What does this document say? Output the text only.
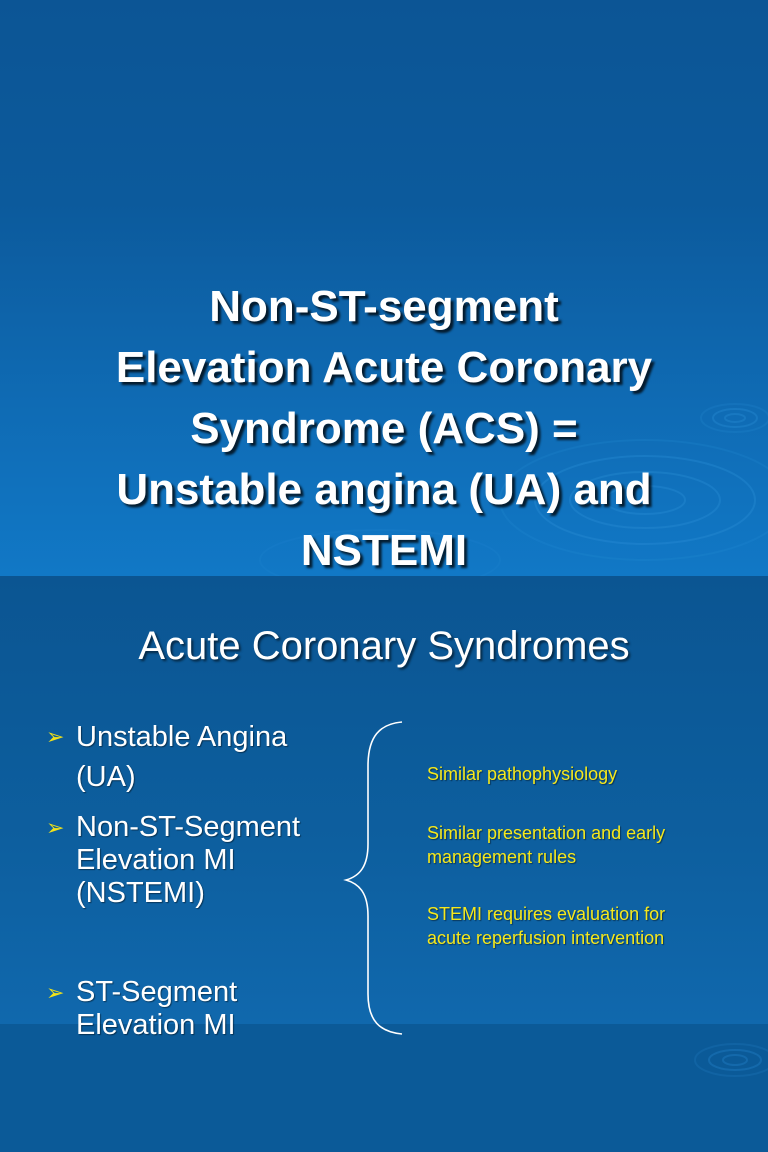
Non-ST-segment
Elevation Acute Coronary
Syndrome (ACS) =
Unstable angina (UA) and
NSTEMI
Acute Coronary Syndromes
➢ Unstable Angina
(UA)
➢ Non-ST-Segment
Elevation MI
(NSTEMI)
➢ ST-Segment
Elevation MI
Similar pathophysiology
Similar presentation and early
management rules
STEMI requires evaluation for
acute reperfusion intervention
